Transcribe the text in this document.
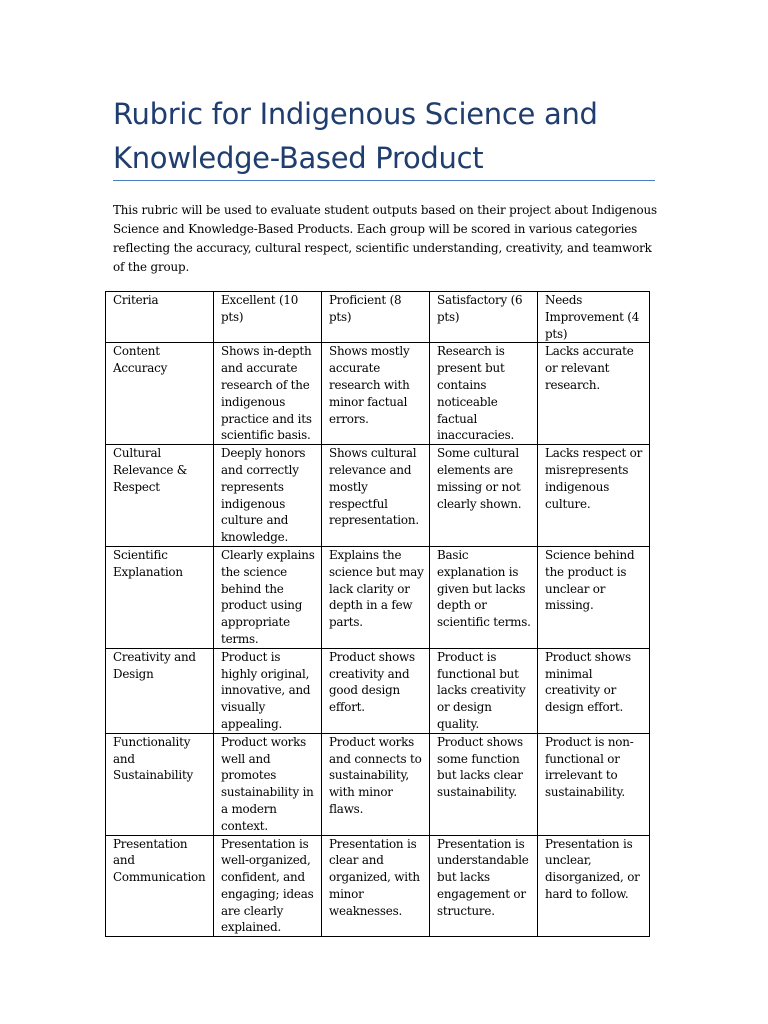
Rubric for Indigenous Science and Knowledge-Based Product

This rubric will be used to evaluate student outputs based on their project about Indigenous Science and Knowledge-Based Products. Each group will be scored in various categories reflecting the accuracy, cultural respect, scientific understanding, creativity, and teamwork of the group.

Criteria	Excellent (10 pts)	Proficient (8 pts)	Satisfactory (6 pts)	Needs Improvement (4 pts)
Content Accuracy	Shows in-depth and accurate research of the indigenous practice and its scientific basis.	Shows mostly accurate research with minor factual errors.	Research is present but contains noticeable factual inaccuracies.	Lacks accurate or relevant research.
Cultural Relevance & Respect	Deeply honors and correctly represents indigenous culture and knowledge.	Shows cultural relevance and mostly respectful representation.	Some cultural elements are missing or not clearly shown.	Lacks respect or misrepresents indigenous culture.
Scientific Explanation	Clearly explains the science behind the product using appropriate terms.	Explains the science but may lack clarity or depth in a few parts.	Basic explanation is given but lacks depth or scientific terms.	Science behind the product is unclear or missing.
Creativity and Design	Product is highly original, innovative, and visually appealing.	Product shows creativity and good design effort.	Product is functional but lacks creativity or design quality.	Product shows minimal creativity or design effort.
Functionality and Sustainability	Product works well and promotes sustainability in a modern context.	Product works and connects to sustainability, with minor flaws.	Product shows some function but lacks clear sustainability.	Product is non-functional or irrelevant to sustainability.
Presentation and Communication	Presentation is well-organized, confident, and engaging; ideas are clearly explained.	Presentation is clear and organized, with minor weaknesses.	Presentation is understandable but lacks engagement or structure.	Presentation is unclear, disorganized, or hard to follow.
